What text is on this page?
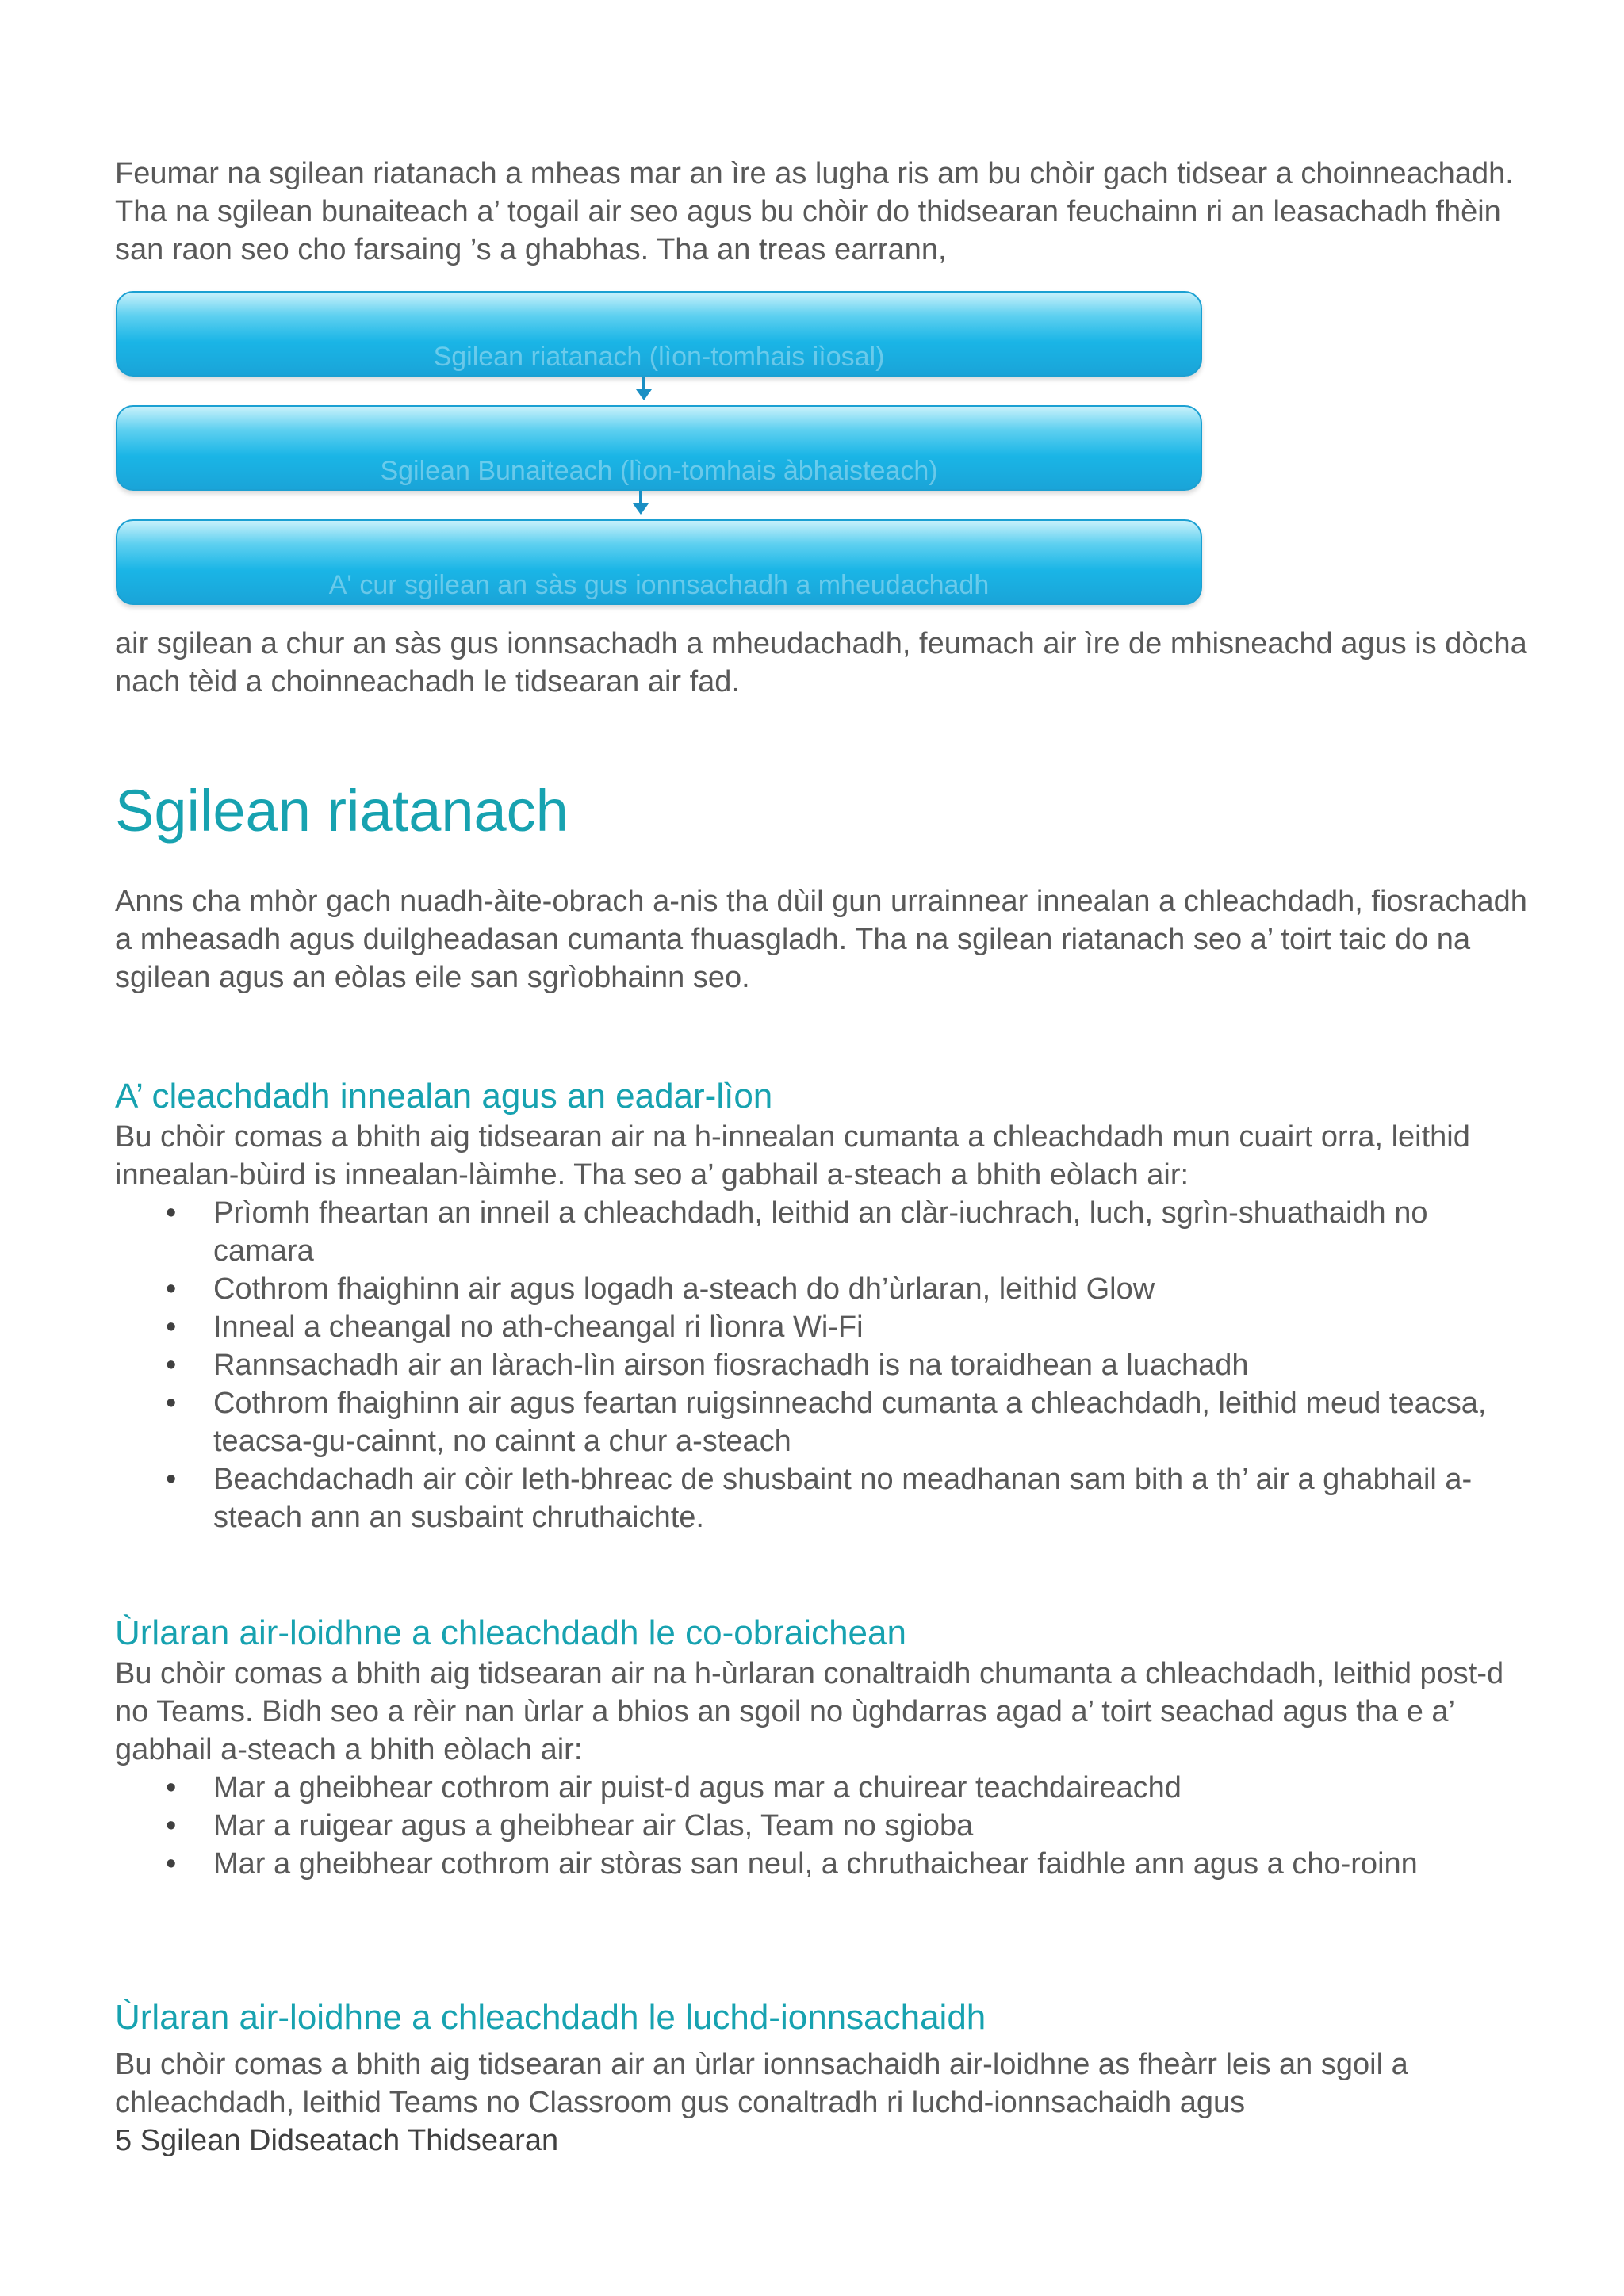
Feumar na sgilean riatanach a mheas mar an ìre as lugha ris am bu chòir gach tidsear a choinneachadh. Tha na sgilean bunaiteach a’ togail air seo agus bu chòir do thidsearan feuchainn ri an leasachadh fhèin san raon seo cho farsaing ’s a ghabhas. Tha an treas earrann,

Sgilean riatanach (lìon-tomhais iìosal)
Sgilean Bunaiteach (lìon-tomhais àbhaisteach)
A' cur sgilean an sàs gus ionnsachadh a mheudachadh

air sgilean a chur an sàs gus ionnsachadh a mheudachadh, feumach air ìre de mhisneachd agus is dòcha nach tèid a choinneachadh le tidsearan air fad.

Sgilean riatanach

Anns cha mhòr gach nuadh-àite-obrach a-nis tha dùil gun urrainnear innealan a chleachdadh, fiosrachadh a mheasadh agus duilgheadasan cumanta fhuasgladh. Tha na sgilean riatanach seo a’ toirt taic do na sgilean agus an eòlas eile san sgrìobhainn seo.

A’ cleachdadh innealan agus an eadar-lìon

Bu chòir comas a bhith aig tidsearan air na h-innealan cumanta a chleachdadh mun cuairt orra, leithid innealan-bùird is innealan-làimhe. Tha seo a’ gabhail a-steach a bhith eòlach air:

• Prìomh fheartan an inneil a chleachdadh, leithid an clàr-iuchrach, luch, sgrìn-shuathaidh no camara
• Cothrom fhaighinn air agus logadh a-steach do dh’ùrlaran, leithid Glow
• Inneal a cheangal no ath-cheangal ri lìonra Wi-Fi
• Rannsachadh air an làrach-lìn airson fiosrachadh is na toraidhean a luachadh
• Cothrom fhaighinn air agus feartan ruigsinneachd cumanta a chleachdadh, leithid meud teacsa, teacsa-gu-cainnt, no cainnt a chur a-steach
• Beachdachadh air còir leth-bhreac de shusbaint no meadhanan sam bith a th’ air a ghabhail a-steach ann an susbaint chruthaichte.
Ùrlaran air-loidhne a chleachdadh le co-obraichean

Bu chòir comas a bhith aig tidsearan air na h-ùrlaran conaltraidh chumanta a chleachdadh, leithid post-d no Teams. Bidh seo a rèir nan ùrlar a bhios an sgoil no ùghdarras agad a’ toirt seachad agus tha e a’ gabhail a-steach a bhith eòlach air:

• Mar a gheibhear cothrom air puist-d agus mar a chuirear teachdaireachd
• Mar a ruigear agus a gheibhear air Clas, Team no sgioba
• Mar a gheibhear cothrom air stòras san neul, a chruthaichear faidhle ann agus a cho-roinn
Ùrlaran air-loidhne a chleachdadh le luchd-ionnsachaidh

Bu chòir comas a bhith aig tidsearan air an ùrlar ionnsachaidh air-loidhne as fheàrr leis an sgoil a chleachdadh, leithid Teams no Classroom gus conaltradh ri luchd-ionnsachaidh agus

5 Sgilean Didseatach Thidsearan
